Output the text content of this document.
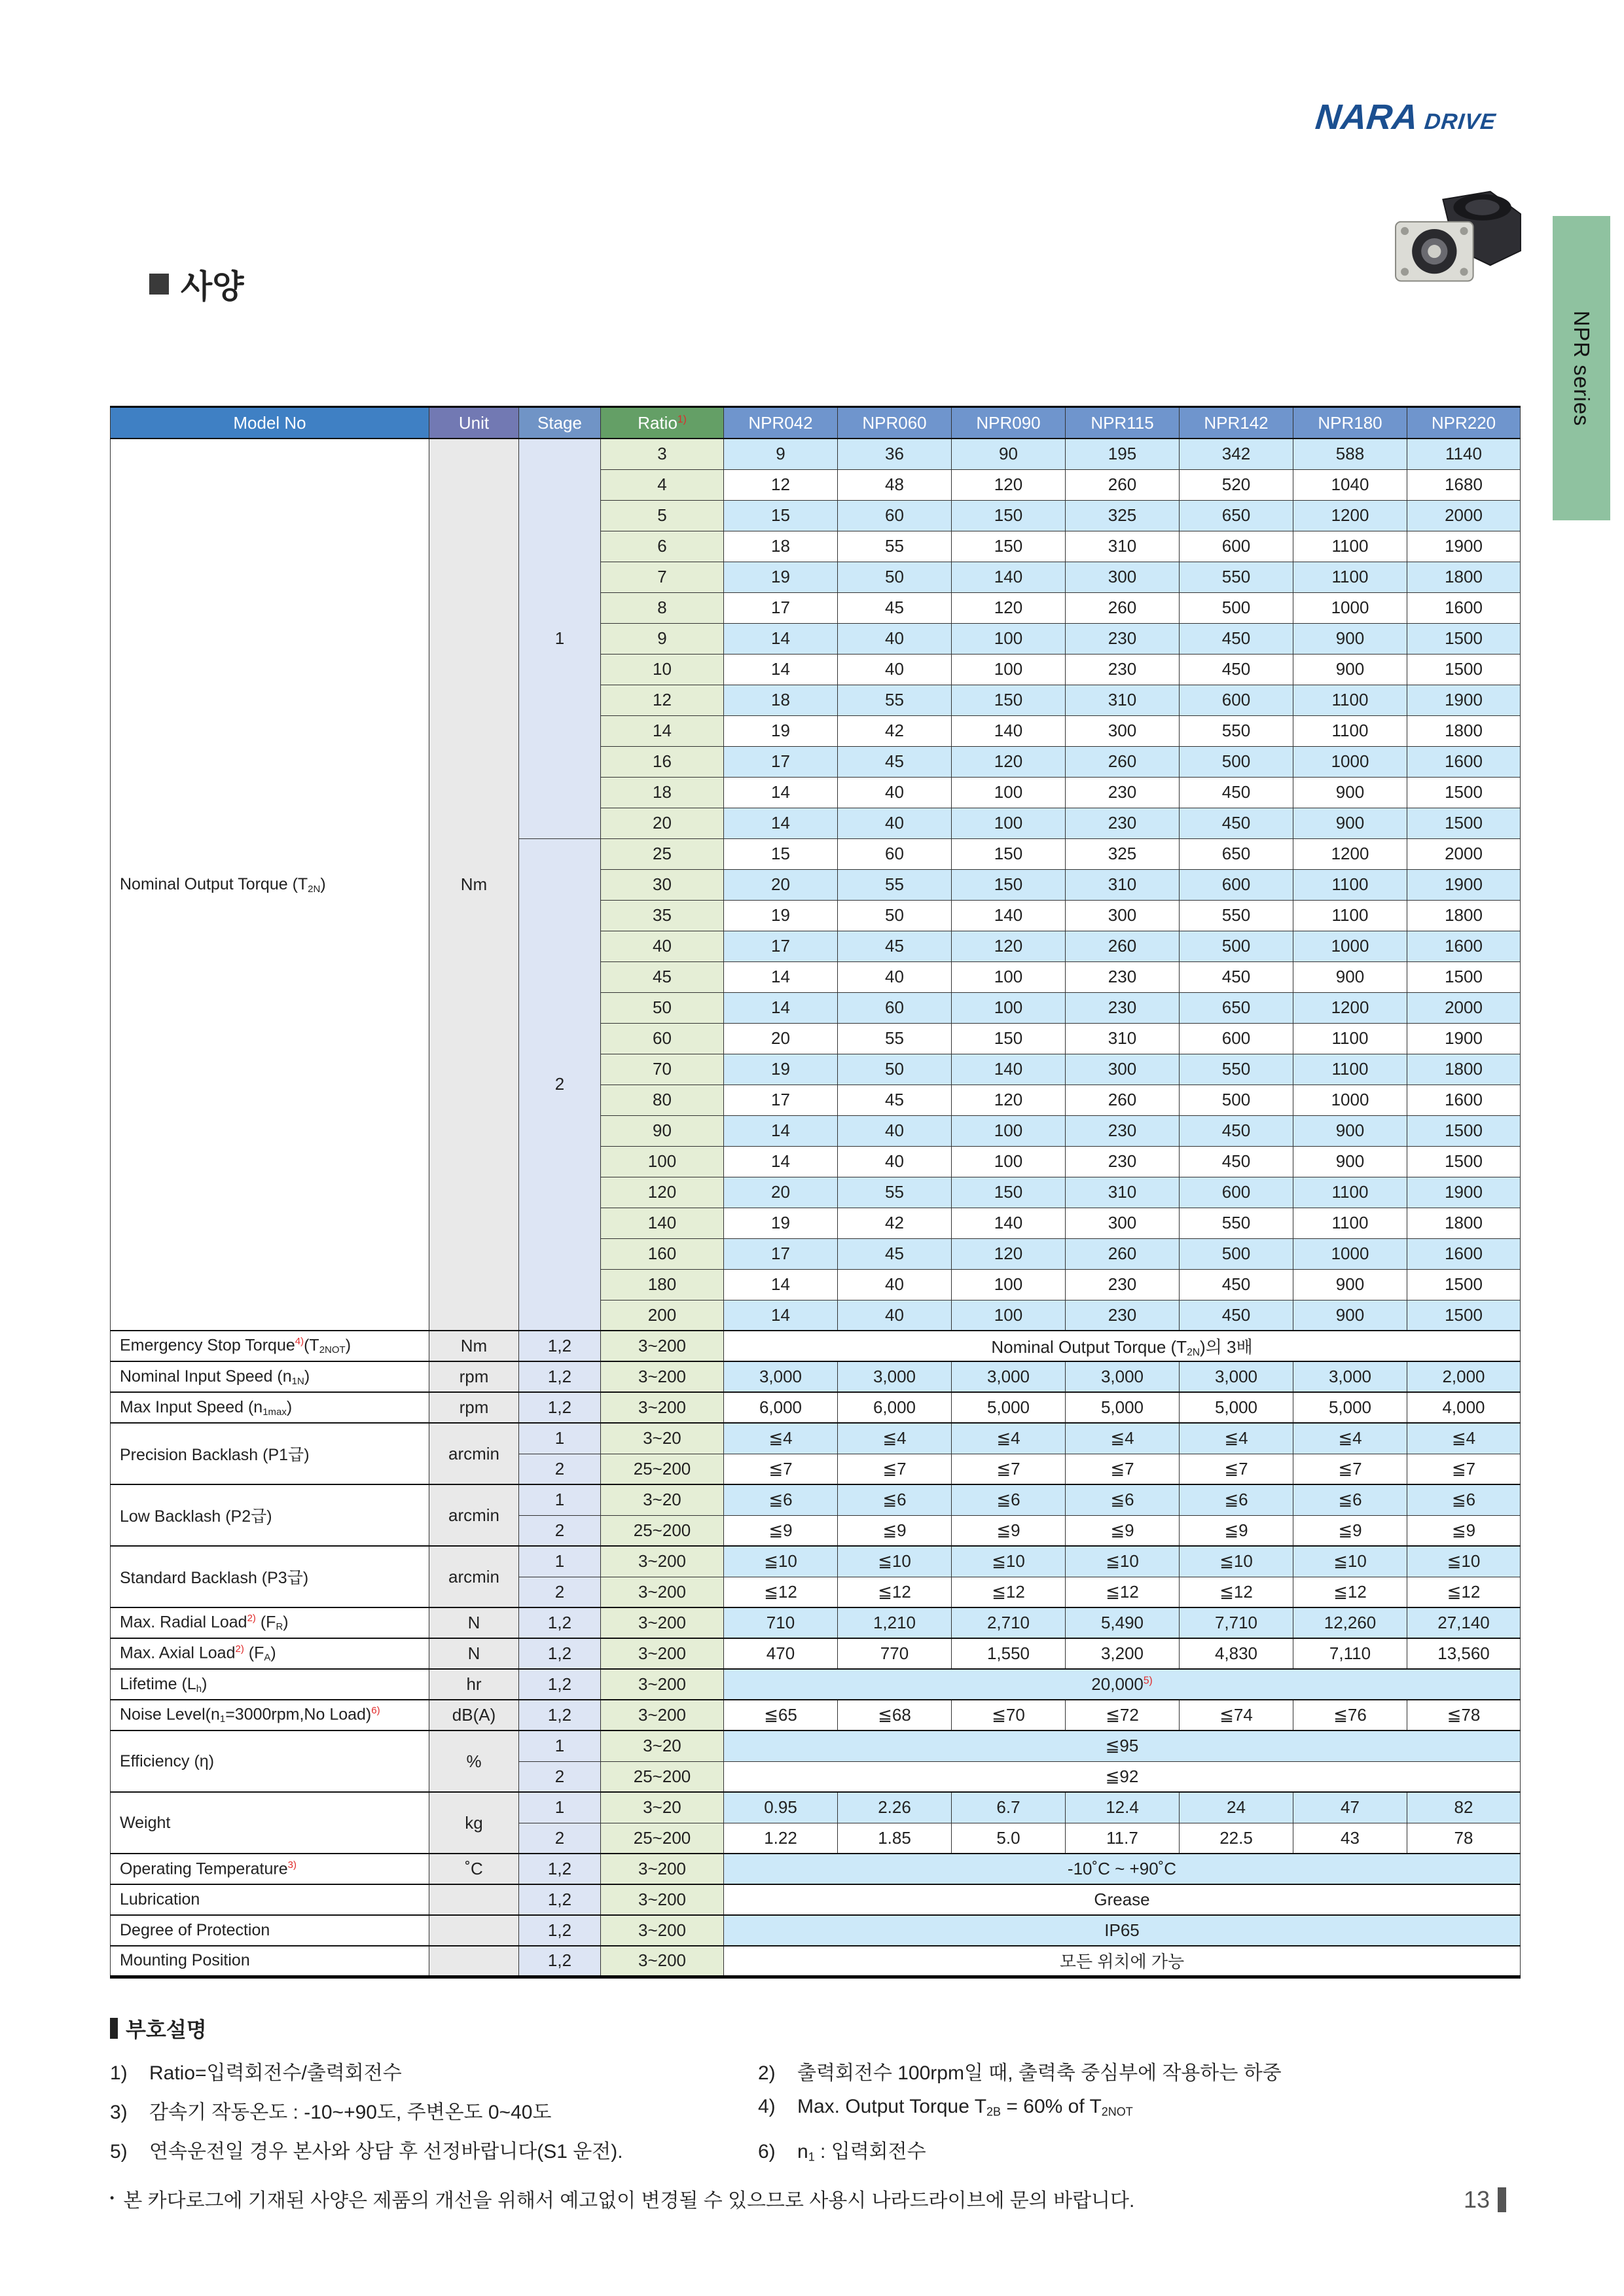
NARA DRIVE
NPR series
사양
Model No	Unit	Stage	Ratio$^{1)}$	NPR042	NPR060	NPR090	NPR115	NPR142	NPR180	NPR220
Nominal Output Torque $(T_{2N})$	Nm	1	3	9	36	90	195	342	588	1140
			4	12	48	120	260	520	1040	1680
			5	15	60	150	325	650	1200	2000
			6	18	55	150	310	600	1100	1900
			7	19	50	140	300	550	1100	1800
			8	17	45	120	260	500	1000	1600
			9	14	40	100	230	450	900	1500
			10	14	40	100	230	450	900	1500
			12	18	55	150	310	600	1100	1900
			14	19	42	140	300	550	1100	1800
			16	17	45	120	260	500	1000	1600
			18	14	40	100	230	450	900	1500
			20	14	40	100	230	450	900	1500
		2	25	15	60	150	325	650	1200	2000
			30	20	55	150	310	600	1100	1900
			35	19	50	140	300	550	1100	1800
			40	17	45	120	260	500	1000	1600
			45	14	40	100	230	450	900	1500
			50	14	60	100	230	650	1200	2000
			60	20	55	150	310	600	1100	1900
			70	19	50	140	300	550	1100	1800
			80	17	45	120	260	500	1000	1600
			90	14	40	100	230	450	900	1500
			100	14	40	100	230	450	900	1500
			120	20	55	150	310	600	1100	1900
			140	19	42	140	300	550	1100	1800
			160	17	45	120	260	500	1000	1600
			180	14	40	100	230	450	900	1500
			200	14	40	100	230	450	900	1500
Emergency Stop $Torque^{4)}(T_{2NOT})$	Nm	1,2	3~200	Nominal Output Torque $(T_{2N})$의 3배						
Nominal Input Speed $(n_{1N})$	rpm	1,2	3~200	3,000	3,000	3,000	3,000	3,000	3,000	2,000
Max Input Speed $(n_{1max})$	rpm	1,2	3~200	6,000	6,000	5,000	5,000	5,000	5,000	4,000
Precision Backlash (P1급)	arcmin	1	3~20	≦4	≦4	≦4	≦4	≦4	≦4	≦4
		2	25~200	≦7	≦7	≦7	≦7	≦7	≦7	≦7
Low Backlash (P2급)	arcmin	1	3~20	≦6	≦6	≦6	≦6	≦6	≦6	≦6
		2	25~200	≦9	≦9	≦9	≦9	≦9	≦9	≦9
Standard Backlash (P3급)	arcmin	1	3~200	≦10	≦10	≦10	≦10	≦10	≦10	≦10
		2	3~200	≦12	≦12	≦12	≦12	≦12	≦12	≦12
Max. Radial Load$^{2)}$ $(F_R)$	N	1,2	3~200	710	1,210	2,710	5,490	7,710	12,260	27,140
Max. Axial Load$^{2)}$ $(F_A)$	N	1,2	3~200	470	770	1,550	3,200	4,830	7,110	13,560
Lifetime $(L_h)$	hr	1,2	3~200	20,000$^{5)}$
Noise $Level(n_1=3000rpm,No$ Load)$^{6)}$	dB(A)	1,2	3~200	≦65	≦68	≦70	≦72	≦74	≦76	≦78
Efficiency (η)	%	1	3~20	≦95						
		2	25~200	≦92						
Weight	kg	1	3~20	0.95	2.26	6.7	12.4	24	47	82
		2	25~200	1.22	1.85	5.0	11.7	22.5	43	78
Operating Temperature$^{3)}$	˚C	1,2	3~200	-10˚C ~ +90˚C						
Lubrication		1,2	3~200	Grease						
Degree of Protection		1,2	3~200	IP65						
Mounting Position		1,2	3~200	모든 위치에 가능						
부호설명
1)	Ratio=입력회전수/출력회전수	2)	출력회전수 100rpm일 때, 출력축 중심부에 작용하는 하중
3)	감속기 작동온도 : -10~+90도, 주변온도 0~40도	4)	Max. Output Torque $T_{2B} = 60\%$ of $T_{2NOT}$
5)	연속운전일 경우 본사와 상담 후 선정바랍니다(S1 운전).	6)	$n_1$ : 입력회전수
• 본 카다로그에 기재된 사양은 제품의 개선을 위해서 예고없이 변경될 수 있으므로 사용시 나라드라이브에 문의 바랍니다.	13
